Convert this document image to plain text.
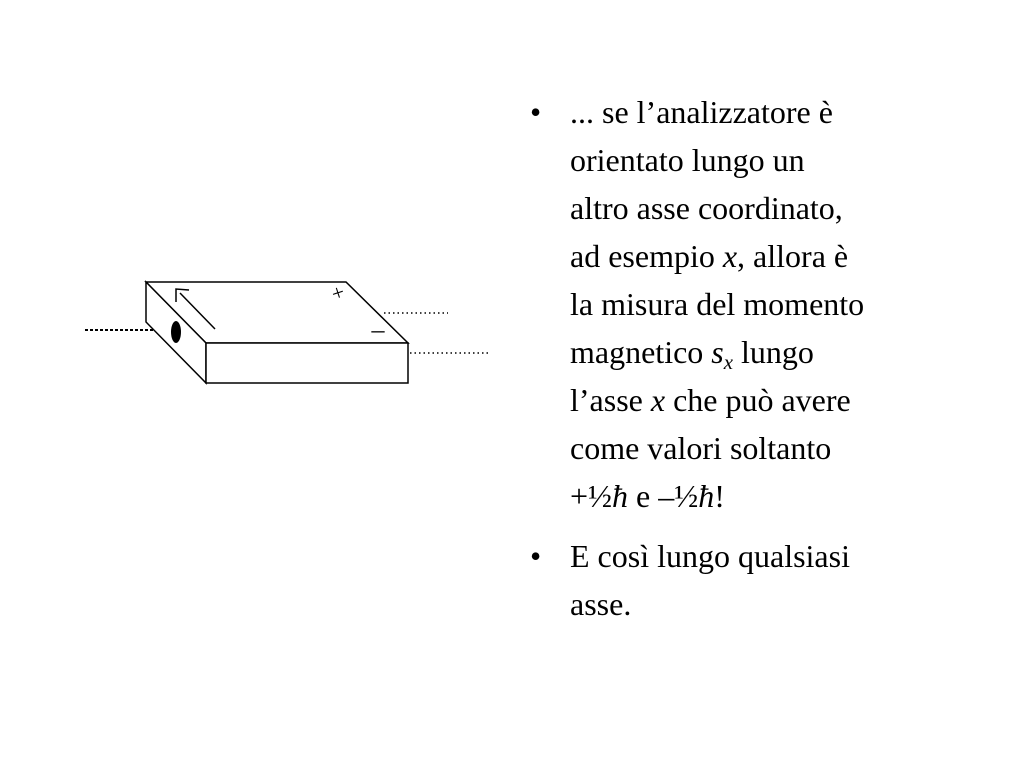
+
–
• ... se l’analizzatore è
orientato lungo un
altro asse coordinato,
ad esempio x, allora è
la misura del momento
magnetico $s_x$ lungo
l’asse x che può avere
come valori soltanto
+½ħ e –½ħ!
• E così lungo qualsiasi
asse.
